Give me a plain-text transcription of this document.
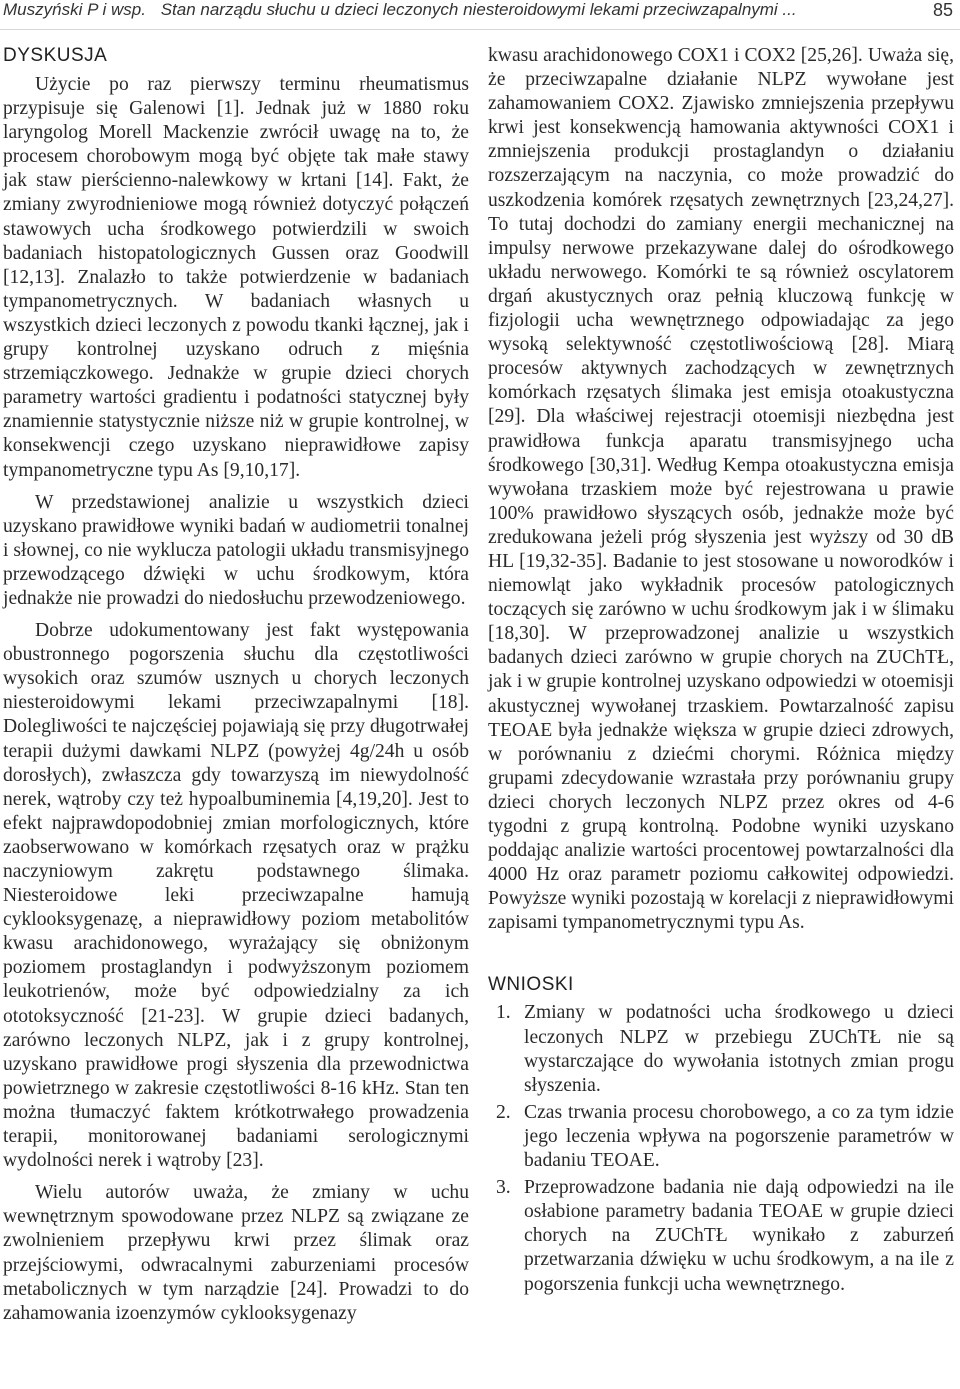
Muszyński P i wsp. Stan narządu słuchu u dzieci leczonych niesteroidowymi lekami przeciwzapalnymi ...	85
DYSKUSJA

Użycie po raz pierwszy terminu rheumatismus przypisuje się Galenowi [1]. Jednak już w 1880 roku laryngolog Morell Mackenzie zwrócił uwagę na to, że procesem chorobowym mogą być objęte tak małe stawy jak staw pierścienno-nalewkowy w krtani [14]. Fakt, że zmiany zwyrodnieniowe mogą również dotyczyć połączeń stawowych ucha środkowego potwierdzili w swoich badaniach histopatologicznych Gussen oraz Goodwill [12,13]. Znalazło to także potwierdzenie w badaniach tympanometrycznych. W badaniach własnych u wszystkich dzieci leczonych z powodu tkanki łącznej, jak i grupy kontrolnej uzyskano odruch z mięśnia strzemiączkowego. Jednakże w grupie dzieci chorych parametry wartości gradientu i podatności statycznej były znamiennie statystycznie niższe niż w grupie kontrolnej, w konsekwencji czego uzyskano nieprawidłowe zapisy tympanometryczne typu As [9,10,17].

W przedstawionej analizie u wszystkich dzieci uzyskano prawidłowe wyniki badań w audiometrii tonalnej i słownej, co nie wyklucza patologii układu transmisyjnego przewodzącego dźwięki w uchu środkowym, która jednakże nie prowadzi do niedosłuchu przewodzeniowego.

Dobrze udokumentowany jest fakt występowania obustronnego pogorszenia słuchu dla częstotliwości wysokich oraz szumów usznych u chorych leczonych niesteroidowymi lekami przeciwzapalnymi [18]. Dolegliwości te najczęściej pojawiają się przy długotrwałej terapii dużymi dawkami NLPZ (powyżej 4g/24h u osób dorosłych), zwłaszcza gdy towarzyszą im niewydolność nerek, wątroby czy też hypoalbuminemia [4,19,20]. Jest to efekt najprawdopodobniej zmian morfologicznych, które zaobserwowano w komórkach rzęsatych oraz w prążku naczyniowym zakrętu podstawnego ślimaka. Niesteroidowe leki przeciwzapalne hamują cyklooksygenazę, a nieprawidłowy poziom metabolitów kwasu arachidonowego, wyrażający się obniżonym poziomem prostaglandyn i podwyższonym poziomem leukotrienów, może być odpowiedzialny za ich ototoksyczność [21-23]. W grupie dzieci badanych, zarówno leczonych NLPZ, jak i z grupy kontrolnej, uzyskano prawidłowe progi słyszenia dla przewodnictwa powietrznego w zakresie częstotliwości 8-16 kHz. Stan ten można tłumaczyć faktem krótkotrwałego prowadzenia terapii, monitorowanej badaniami serologicznymi wydolności nerek i wątroby [23].

Wielu autorów uważa, że zmiany w uchu wewnętrznym spowodowane przez NLPZ są związane ze zwolnieniem przepływu krwi przez ślimak oraz przejściowymi, odwracalnymi zaburzeniami procesów metabolicznych w tym narządzie [24]. Prowadzi to do zahamowania izoenzymów cyklooksygenazy

kwasu arachidonowego COX1 i COX2 [25,26]. Uważa się, że przeciwzapalne działanie NLPZ wywołane jest zahamowaniem COX2. Zjawisko zmniejszenia przepływu krwi jest konsekwencją hamowania aktywności COX1 i zmniejszenia produkcji prostaglandyn o działaniu rozszerzającym na naczynia, co może prowadzić do uszkodzenia komórek rzęsatych zewnętrznych [23,24,27]. To tutaj dochodzi do zamiany energii mechanicznej na impulsy nerwowe przekazywane dalej do ośrodkowego układu nerwowego. Komórki te są również oscylatorem drgań akustycznych oraz pełnią kluczową funkcję w fizjologii ucha wewnętrznego odpowiadając za jego wysoką selektywność częstotliwościową [28]. Miarą procesów aktywnych zachodzących w zewnętrznych komórkach rzęsatych ślimaka jest emisja otoakustyczna [29]. Dla właściwej rejestracji otoemisji niezbędna jest prawidłowa funkcja aparatu transmisyjnego ucha środkowego [30,31]. Według Kempa otoakustyczna emisja wywołana trzaskiem może być rejestrowana u prawie 100% prawidłowo słyszących osób, jednakże może być zredukowana jeżeli próg słyszenia jest wyższy od 30 dB HL [19,32-35]. Badanie to jest stosowane u noworodków i niemowląt jako wykładnik procesów patologicznych toczących się zarówno w uchu środkowym jak i w ślimaku [18,30]. W przeprowadzonej analizie u wszystkich badanych dzieci zarówno w grupie chorych na ZUChTŁ, jak i w grupie kontrolnej uzyskano odpowiedzi w otoemisji akustycznej wywołanej trzaskiem. Powtarzalność zapisu TEOAE była jednakże większa w grupie dzieci zdrowych, w porównaniu z dziećmi chorymi. Różnica między grupami zdecydowanie wzrastała przy porównaniu grupy dzieci chorych leczonych NLPZ przez okres od 4-6 tygodni z grupą kontrolną. Podobne wyniki uzyskano poddając analizie wartości procentowej powtarzalności dla 4000 Hz oraz parametr poziomu całkowitej odpowiedzi. Powyższe wyniki pozostają w korelacji z nieprawidłowymi zapisami tympanometrycznymi typu As.

WNIOSKI
1. Zmiany w podatności ucha środkowego u dzieci leczonych NLPZ w przebiegu ZUChTŁ nie są wystarczające do wywołania istotnych zmian progu słyszenia.
2. Czas trwania procesu chorobowego, a co za tym idzie jego leczenia wpływa na pogorszenie parametrów w badaniu TEOAE.
3. Przeprowadzone badania nie dają odpowiedzi na ile osłabione parametry badania TEOAE w grupie dzieci chorych na ZUChTŁ wynikało z zaburzeń przetwarzania dźwięku w uchu środkowym, a na ile z pogorszenia funkcji ucha wewnętrznego.
